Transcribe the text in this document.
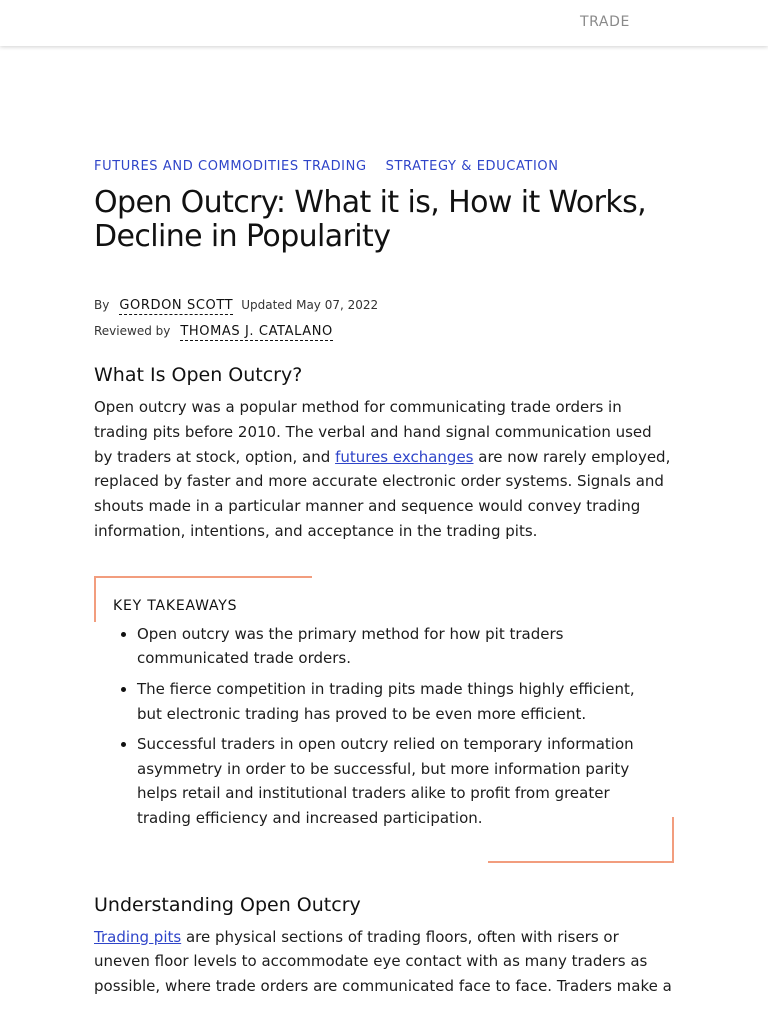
TRADE
FUTURES AND COMMODITIES TRADING STRATEGY & EDUCATION
Open Outcry: What it is, How it Works, Decline in Popularity
By GORDON SCOTT Updated May 07, 2022
Reviewed by THOMAS J. CATALANO
What Is Open Outcry?

Open outcry was a popular method for communicating trade orders in trading pits before 2010. The verbal and hand signal communication used by traders at stock, option, and futures exchanges are now rarely employed, replaced by faster and more accurate electronic order systems. Signals and shouts made in a particular manner and sequence would convey trading information, intentions, and acceptance in the trading pits.

KEY TAKEAWAYS
Open outcry was the primary method for how pit traders communicated trade orders.
The fierce competition in trading pits made things highly efficient, but electronic trading has proved to be even more efficient.
Successful traders in open outcry relied on temporary information asymmetry in order to be successful, but more information parity helps retail and institutional traders alike to profit from greater trading efficiency and increased participation.
Understanding Open Outcry

Trading pits are physical sections of trading floors, often with risers or uneven floor levels to accommodate eye contact with as many traders as possible, where trade orders are communicated face to face. Traders make a
